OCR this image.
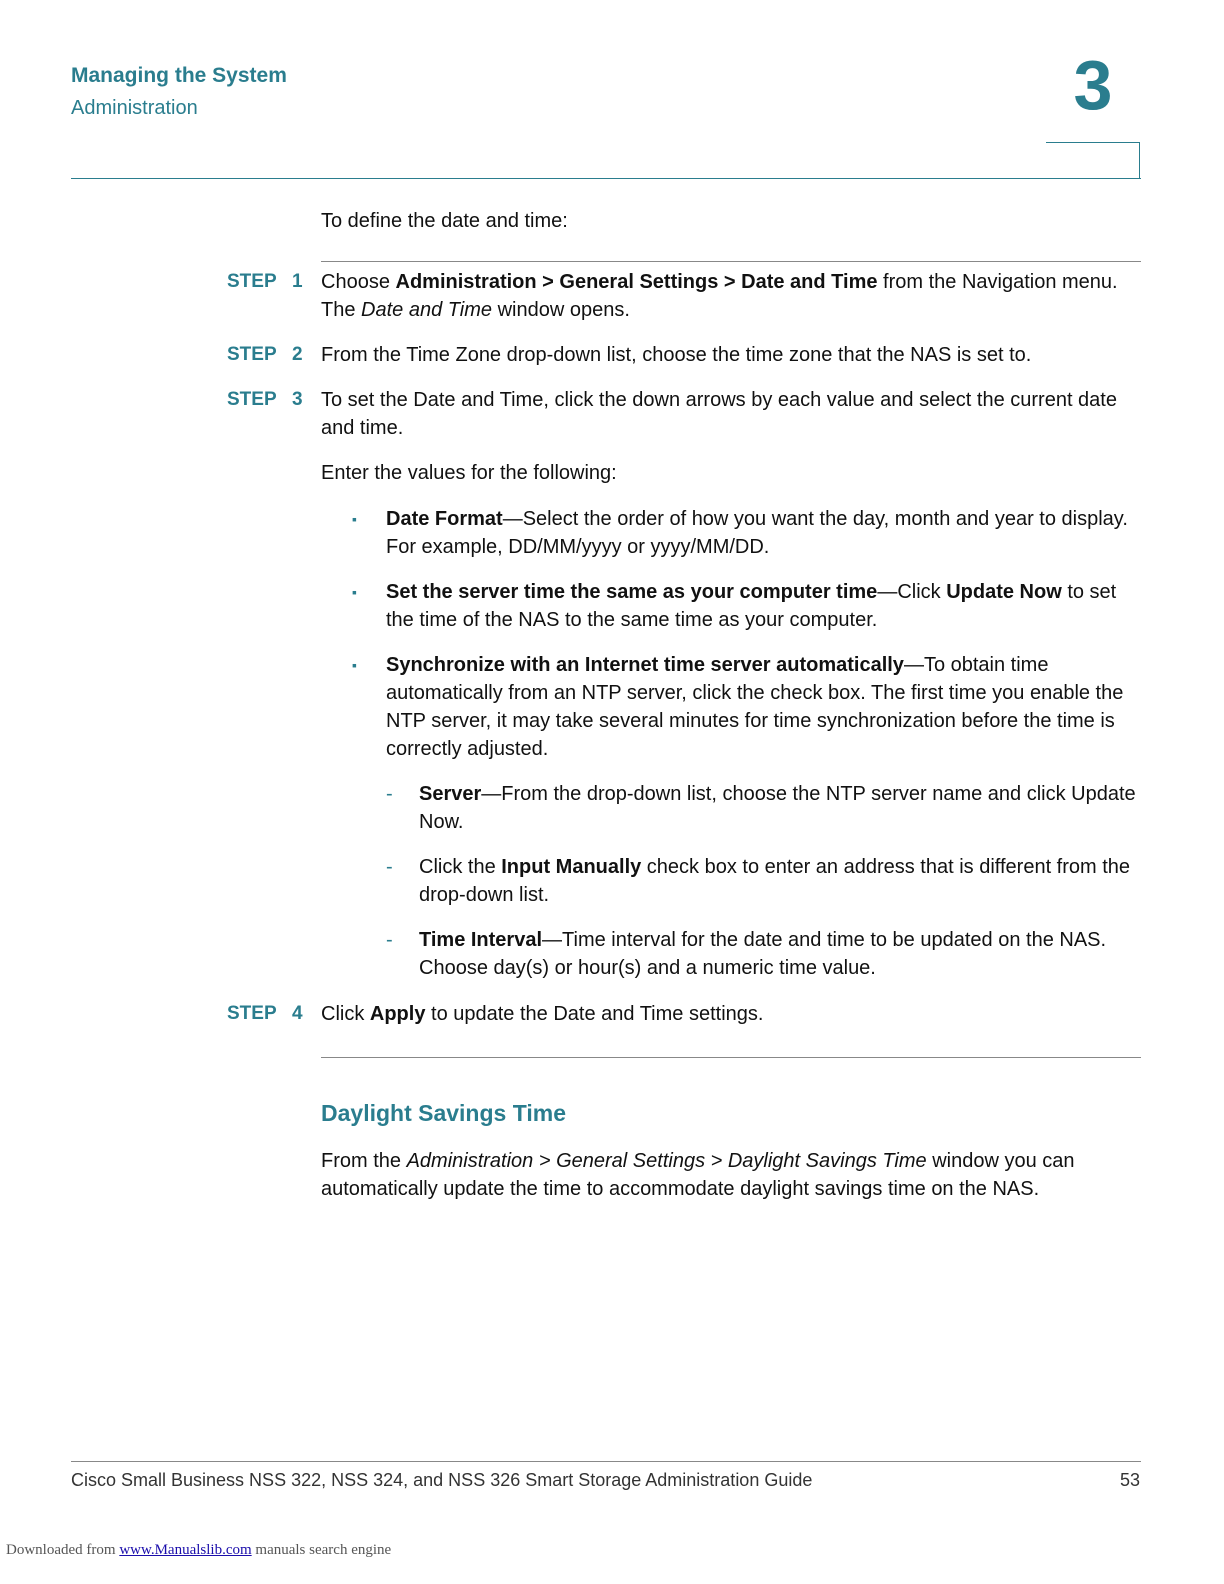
Managing the System
Administration	3
To define the date and time:
STEP 1 Choose Administration > General Settings > Date and Time from the Navigation menu. The Date and Time window opens.
STEP 2 From the Time Zone drop-down list, choose the time zone that the NAS is set to.
STEP 3 To set the Date and Time, click the down arrows by each value and select the current date and time.
Enter the values for the following:
▪ Date Format—Select the order of how you want the day, month and year to display. For example, DD/MM/yyyy or yyyy/MM/DD.
▪ Set the server time the same as your computer time—Click Update Now to set the time of the NAS to the same time as your computer.
▪ Synchronize with an Internet time server automatically—To obtain time automatically from an NTP server, click the check box. The first time you enable the NTP server, it may take several minutes for time synchronization before the time is correctly adjusted.
- Server—From the drop-down list, choose the NTP server name and click Update Now.
- Click the Input Manually check box to enter an address that is different from the drop-down list.
- Time Interval—Time interval for the date and time to be updated on the NAS. Choose day(s) or hour(s) and a numeric time value.
STEP 4 Click Apply to update the Date and Time settings.
Daylight Savings Time
From the Administration > General Settings > Daylight Savings Time window you can automatically update the time to accommodate daylight savings time on the NAS.
Cisco Small Business NSS 322, NSS 324, and NSS 326 Smart Storage Administration Guide	53
Downloaded from www.Manualslib.com manuals search engine
